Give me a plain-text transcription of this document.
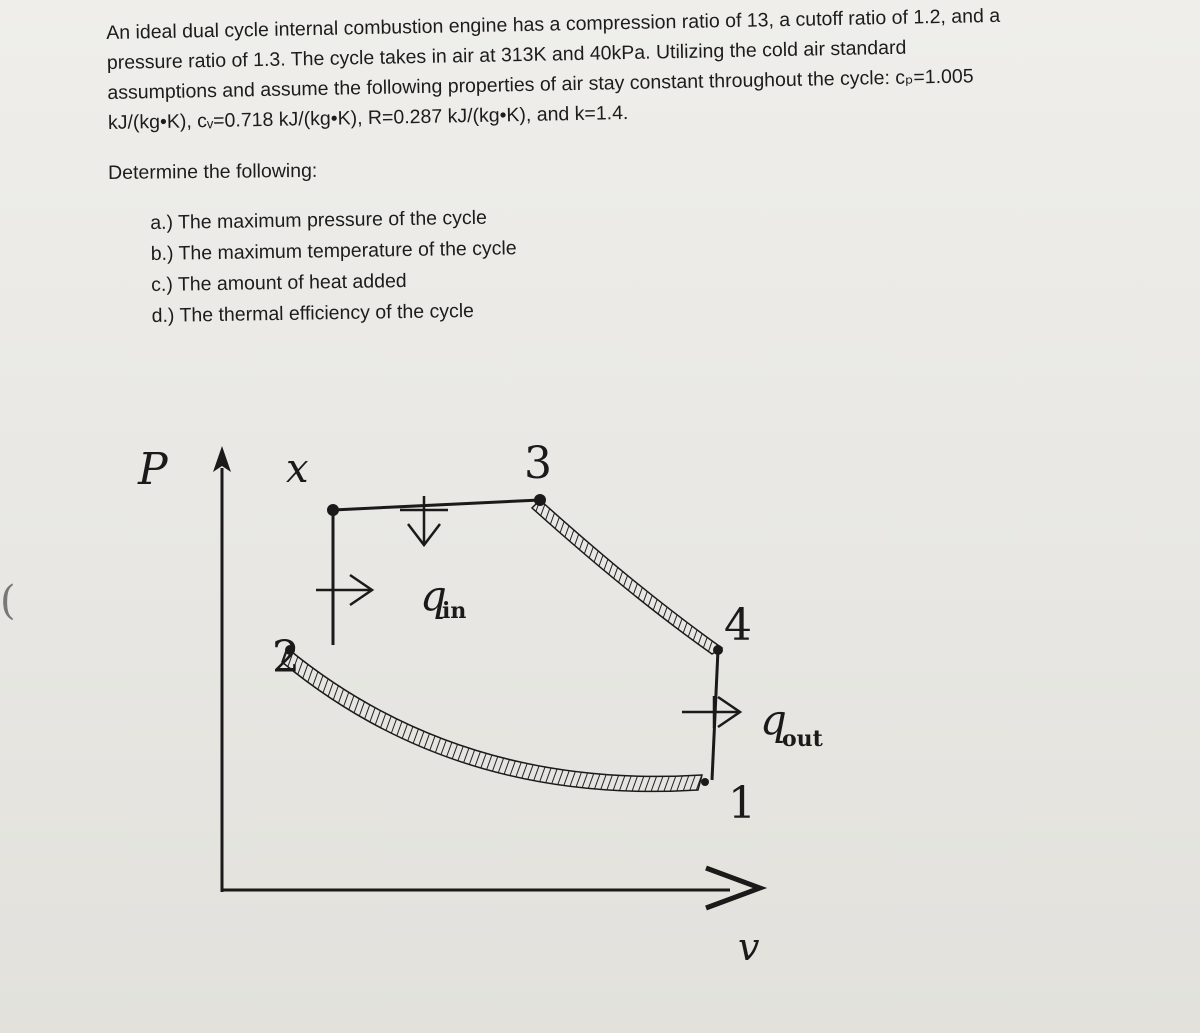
An ideal dual cycle internal combustion engine has a compression ratio of 13, a cutoff ratio of 1.2, and a

pressure ratio of 1.3. The cycle takes in air at 313K and 40kPa. Utilizing the cold air standard

assumptions and assume the following properties of air stay constant throughout the cycle: cₚ=1.005

kJ/(kg•K), cᵥ=0.718 kJ/(kg•K), R=0.287 kJ/(kg•K), and k=1.4.

Determine the following:
a.) The maximum pressure of the cycle
b.) The maximum temperature of the cycle
c.) The amount of heat added
d.) The thermal efficiency of the cycle
(
P
v
x	3
2
4
1
q
in
q
out
